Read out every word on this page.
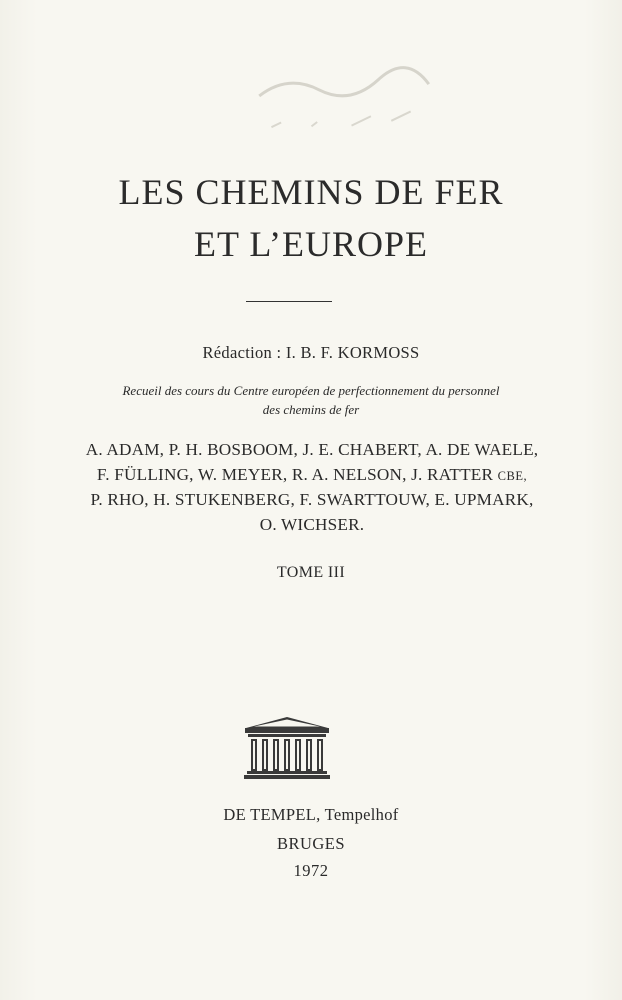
LES CHEMINS DE FER
ET L’EUROPE
Rédaction : I. B. F. KORMOSS
Recueil des cours du Centre européen de perfectionnement du personnel
des chemins de fer
A. ADAM, P. H. BOSBOOM, J. E. CHABERT, A. DE WAELE,
F. FÜLLING, W. MEYER, R. A. NELSON, J. RATTER CBE,
P. RHO, H. STUKENBERG, F. SWARTTOUW, E. UPMARK,
O. WICHSER.
TOME III
DE TEMPEL, Tempelhof
BRUGES
1972
